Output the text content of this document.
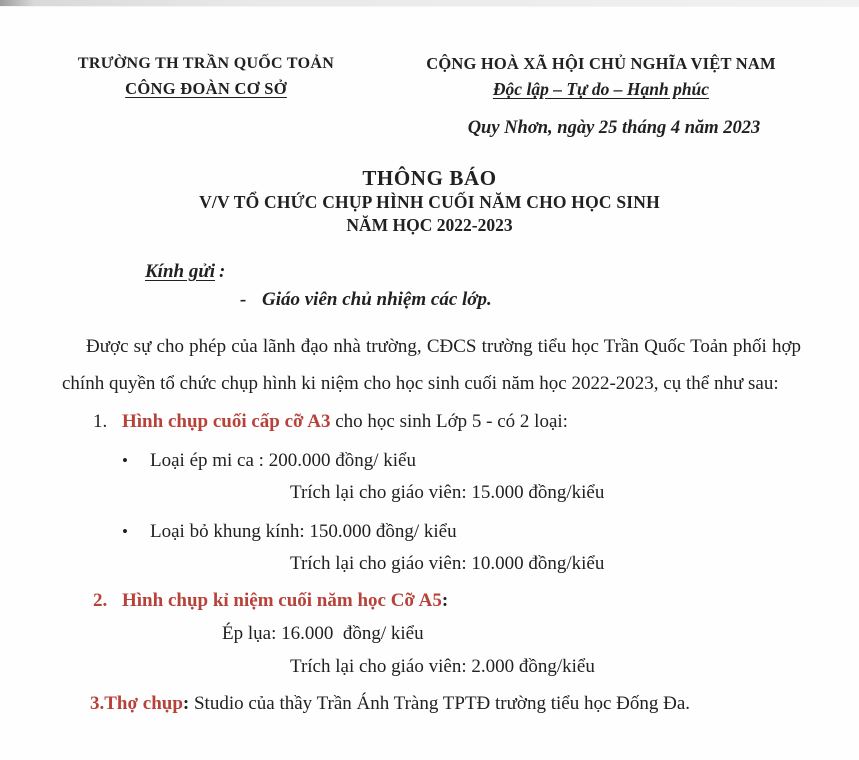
TRƯỜNG TH TRẦN QUỐC TOẢN
CÔNG ĐOÀN CƠ SỞ
CỘNG HOÀ XÃ HỘI CHỦ NGHĨA VIỆT NAM
Độc lập – Tự do – Hạnh phúc
Quy Nhơn, ngày 25 tháng 4 năm 2023
THÔNG BÁO
V/V TỔ CHỨC CHỤP HÌNH CUỐI NĂM CHO HỌC SINH
NĂM HỌC 2022-2023
Kính gửi :
- Giáo viên chủ nhiệm các lớp.

Được sự cho phép của lãnh đạo nhà trường, CĐCS trường tiểu học Trần Quốc Toản phối hợp chính quyền tổ chức chụp hình ki niệm cho học sinh cuối năm học 2022-2023, cụ thể như sau:

1. Hình chụp cuối cấp cỡ A3 cho học sinh Lớp 5 - có 2 loại:
• Loại ép mi ca : 200.000 đồng/ kiểu
Trích lại cho giáo viên: 15.000 đồng/kiểu
• Loại bỏ khung kính: 150.000 đồng/ kiểu
Trích lại cho giáo viên: 10.000 đồng/kiểu
2. Hình chụp kỉ niệm cuối năm học Cỡ A5:
Ép lụa: 16.000  đồng/ kiểu
Trích lại cho giáo viên: 2.000 đồng/kiểu
3.Thợ chụp: Studio của thầy Trần Ánh Tràng TPTĐ trường tiểu học Đống Đa.
